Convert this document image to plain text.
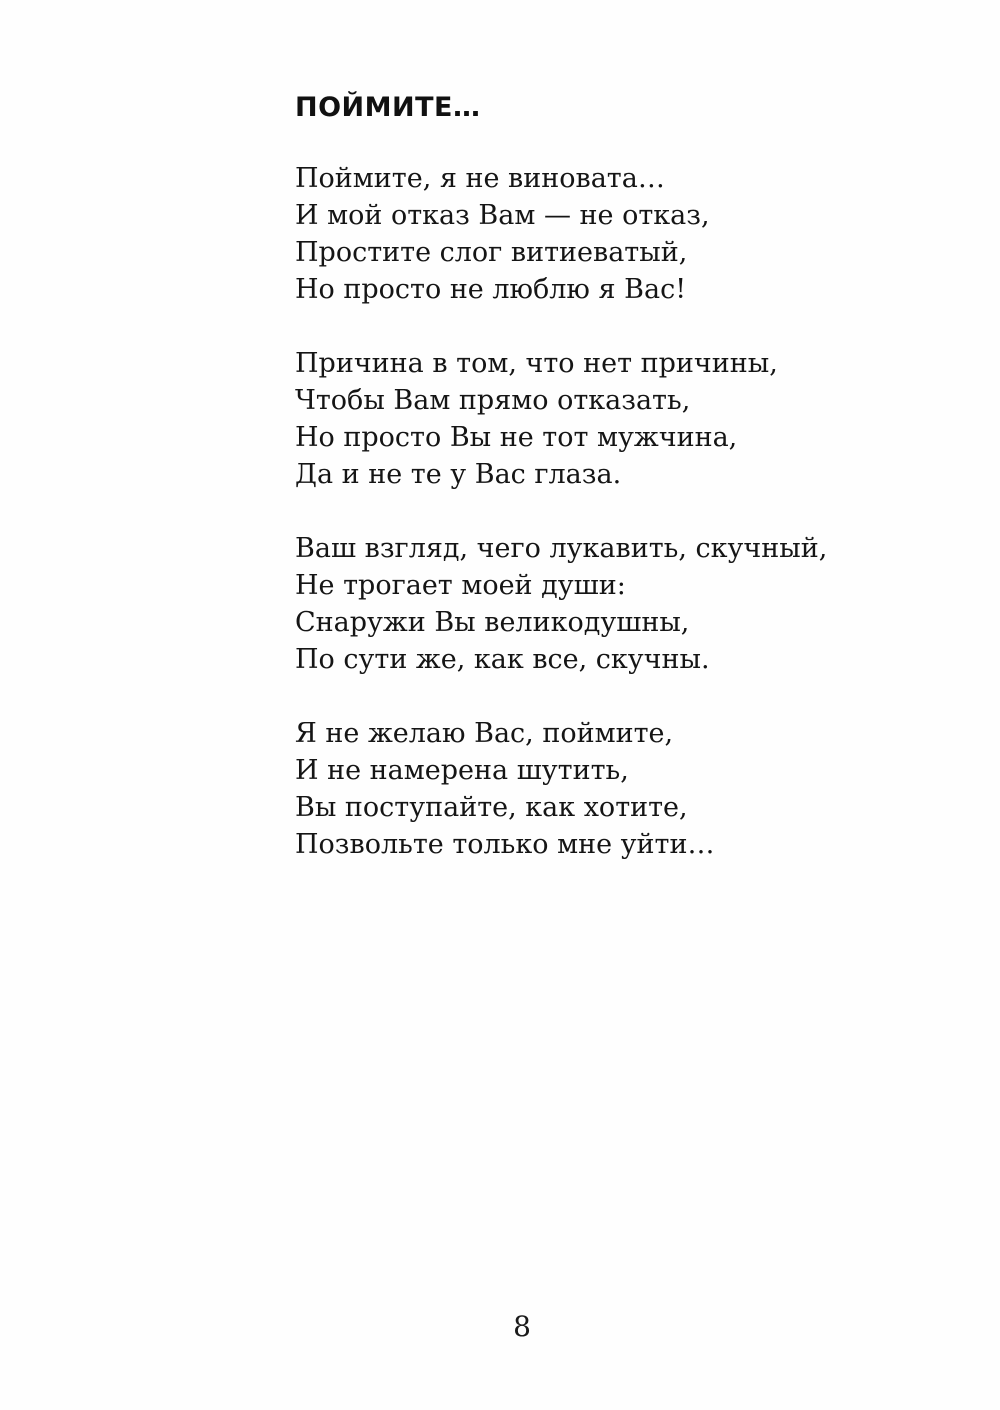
ПОЙМИТЕ…
Поймите, я не виновата…
И мой отказ Вам — не отказ,
Простите слог витиеватый,
Но просто не люблю я Вас!
Причина в том, что нет причины,
Чтобы Вам прямо отказать,
Но просто Вы не тот мужчина,
Да и не те у Вас глаза.
Ваш взгляд, чего лукавить, скучный,
Не трогает моей души:
Снаружи Вы великодушны,
По сути же, как все, скучны.
Я не желаю Вас, поймите,
И не намерена шутить,
Вы поступайте, как хотите,
Позвольте только мне уйти…
8
